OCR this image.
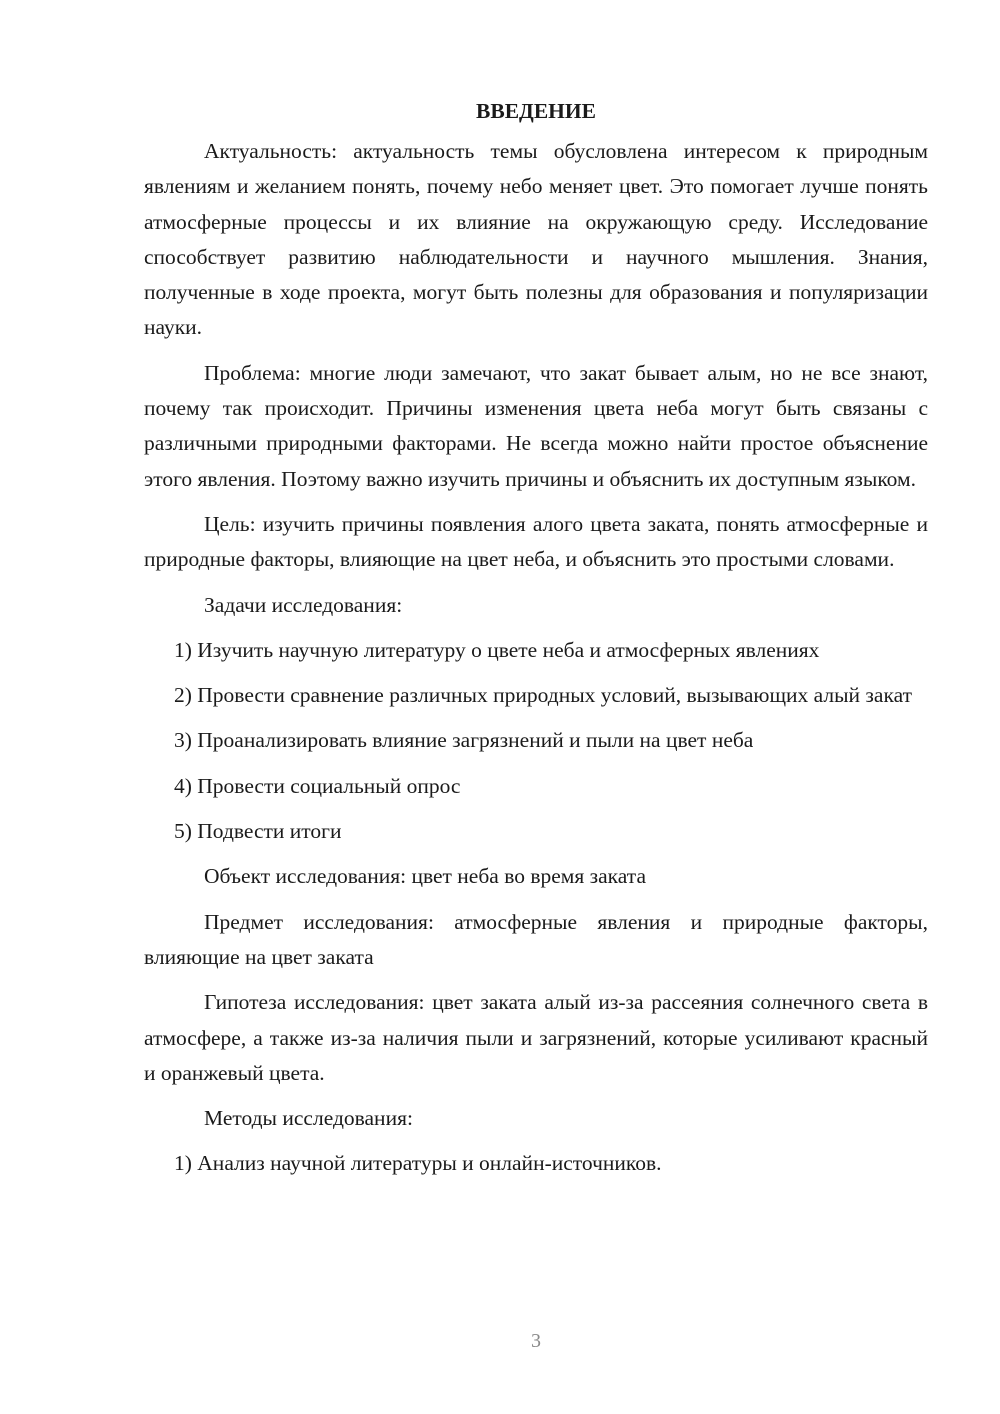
ВВЕДЕНИЕ

Актуальность: актуальность темы обусловлена интересом к природным явлениям и желанием понять, почему небо меняет цвет. Это помогает лучше понять атмосферные процессы и их влияние на окружающую среду. Исследование способствует развитию наблюдательности и научного мышления. Знания, полученные в ходе проекта, могут быть полезны для образования и популяризации науки.

Проблема: многие люди замечают, что закат бывает алым, но не все знают, почему так происходит. Причины изменения цвета неба могут быть связаны с различными природными факторами. Не всегда можно найти простое объяснение этого явления. Поэтому важно изучить причины и объяснить их доступным языком.

Цель: изучить причины появления алого цвета заката, понять атмосферные и природные факторы, влияющие на цвет неба, и объяснить это простыми словами.

Задачи исследования:

1) Изучить научную литературу о цвете неба и атмосферных явлениях

2) Провести сравнение различных природных условий, вызывающих алый закат

3) Проанализировать влияние загрязнений и пыли на цвет неба

4) Провести социальный опрос

5) Подвести итоги

Объект исследования: цвет неба во время заката

Предмет исследования: атмосферные явления и природные факторы, влияющие на цвет заката

Гипотеза исследования: цвет заката алый из-за рассеяния солнечного света в атмосфере, а также из-за наличия пыли и загрязнений, которые усиливают красный и оранжевый цвета.

Методы исследования:

1) Анализ научной литературы и онлайн-источников.

3
